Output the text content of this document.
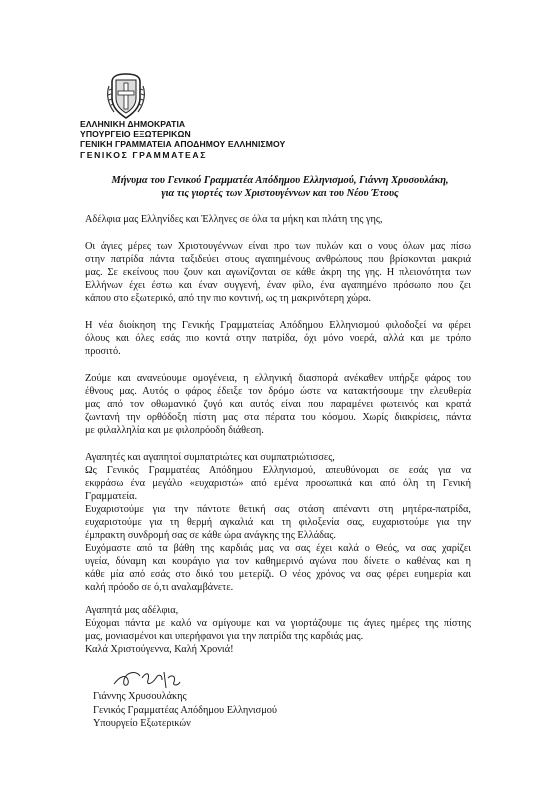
ΕΛΛΗΝΙΚΗ ΔΗΜΟΚΡΑΤΙΑ
ΥΠΟΥΡΓΕΙΟ ΕΞΩΤΕΡΙΚΩΝ
ΓΕΝΙΚΗ ΓΡΑΜΜΑΤΕΙΑ ΑΠΟΔΗΜΟΥ ΕΛΛΗΝΙΣΜΟΥ
ΓΕΝΙΚΟΣ ΓΡΑΜΜΑΤΕΑΣ
Μήνυμα του Γενικού Γραμματέα Απόδημου Ελληνισμού, Γιάννη Χρυσουλάκη,
για τις γιορτές των Χριστουγέννων και του Νέου Έτους
Αδέλφια μας Ελληνίδες και Έλληνες σε όλα τα μήκη και πλάτη της γης,
Οι άγιες μέρες των Χριστουγέννων είναι προ των πυλών και ο νους όλων μας πίσω
στην πατρίδα πάντα ταξιδεύει στους αγαπημένους ανθρώπους που βρίσκονται μακριά
μας. Σε εκείνους που ζουν και αγωνίζονται σε κάθε άκρη της γης. Η πλειονότητα των
Ελλήνων έχει έστω και έναν συγγενή, έναν φίλο, ένα αγαπημένο πρόσωπο που ζει
κάπου στο εξωτερικό, από την πιο κοντινή, ως τη μακρινότερη χώρα.
Η νέα διοίκηση της Γενικής Γραμματείας Απόδημου Ελληνισμού φιλοδοξεί να φέρει
όλους και όλες εσάς πιο κοντά στην πατρίδα, όχι μόνο νοερά, αλλά και με τρόπο
προσιτό.
Ζούμε και ανανεύουμε ομογένεια, η ελληνική διασπορά ανέκαθεν υπήρξε φάρος του
έθνους μας. Αυτός ο φάρος έδειξε τον δρόμο ώστε να κατακτήσουμε την ελευθερία
μας από τον οθωμανικό ζυγό και αυτός είναι που παραμένει φωτεινός και κρατά
ζωντανή την ορθόδοξη πίστη μας στα πέρατα του κόσμου. Χωρίς διακρίσεις, πάντα
με φιλαλληλία και με φιλοπρόοδη διάθεση.
Αγαπητές και αγαπητοί συμπατριώτες και συμπατριώτισσες,
Ως Γενικός Γραμματέας Απόδημου Ελληνισμού, απευθύνομαι σε εσάς για να
εκφράσω ένα μεγάλο «ευχαριστώ» από εμένα προσωπικά και από όλη τη Γενική
Γραμματεία.
Ευχαριστούμε για την πάντοτε θετική σας στάση απέναντι στη μητέρα-πατρίδα,
ευχαριστούμε για τη θερμή αγκαλιά και τη φιλοξενία σας, ευχαριστούμε για την
έμπρακτη συνδρομή σας σε κάθε ώρα ανάγκης της Ελλάδας.
Ευχόμαστε από τα βάθη της καρδιάς μας να σας έχει καλά ο Θεός, να σας χαρίζει
υγεία, δύναμη και κουράγιο για τον καθημερινό αγώνα που δίνετε ο καθένας και η
κάθε μία από εσάς στο δικό του μετερίζι. Ο νέος χρόνος να σας φέρει ευημερία και
καλή πρόοδο σε ό,τι αναλαμβάνετε.
Αγαπητά μας αδέλφια,
Εύχομαι πάντα με καλό να σμίγουμε και να γιορτάζουμε τις άγιες ημέρες της πίστης
μας, μονιασμένοι και υπερήφανοι για την πατρίδα της καρδιάς μας.
Καλά Χριστούγεννα, Καλή Χρονιά!
Γιάννης Χρυσουλάκης
Γενικός Γραμματέας Απόδημου Ελληνισμού
Υπουργείο Εξωτερικών
